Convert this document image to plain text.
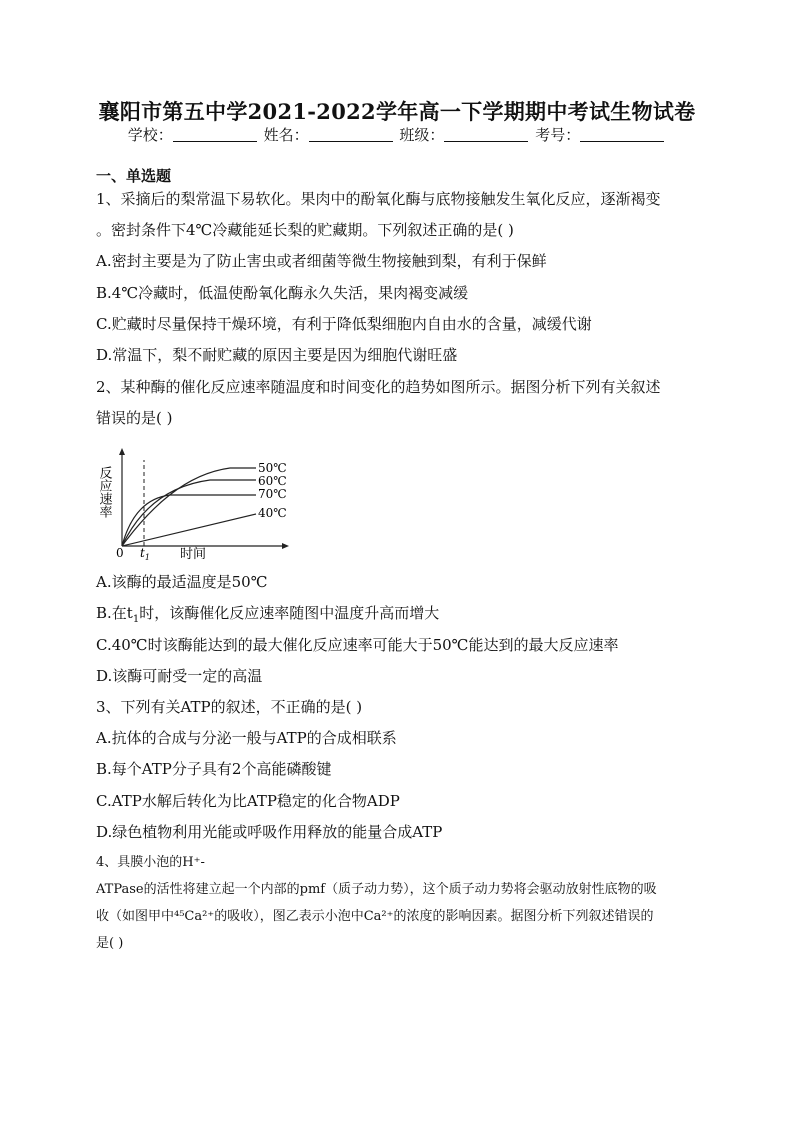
襄阳市第五中学2021-2022学年高一下学期期中考试生物试卷
学校：	姓名：	班级：	考号：
一、单选题
1、采摘后的梨常温下易软化。果肉中的酚氧化酶与底物接触发生氧化反应，逐渐褐变
。密封条件下4℃冷藏能延长梨的贮藏期。下列叙述正确的是( )
A.密封主要是为了防止害虫或者细菌等微生物接触到梨，有利于保鲜
B.4℃冷藏时，低温使酚氧化酶永久失活，果肉褐变减缓
C.贮藏时尽量保持干燥环境，有利于降低梨细胞内自由水的含量，减缓代谢
D.常温下，梨不耐贮藏的原因主要是因为细胞代谢旺盛
2、某种酶的催化反应速率随温度和时间变化的趋势如图所示。据图分析下列有关叙述
错误的是( )
50℃
60℃
70℃
40℃
反应速率
0 $t_1$ 时间
A.该酶的最适温度是50℃
B.在$t_1$时，该酶催化反应速率随图中温度升高而增大
C.40℃时该酶能达到的最大催化反应速率可能大于50℃能达到的最大反应速率
D.该酶可耐受一定的高温
3、下列有关ATP的叙述，不正确的是( )
A.抗体的合成与分泌一般与ATP的合成相联系
B.每个ATP分子具有2个高能磷酸键
C.ATP水解后转化为比ATP稳定的化合物ADP
D.绿色植物利用光能或呼吸作用释放的能量合成ATP
4、具膜小泡的H⁺-
ATPase的活性将建立起一个内部的pmf（质子动力势），这个质子动力势将会驱动放射性底物的吸
收（如图甲中⁴⁵Ca²⁺的吸收），图乙表示小泡中Ca²⁺的浓度的影响因素。据图分析下列叙述错误的
是( )
